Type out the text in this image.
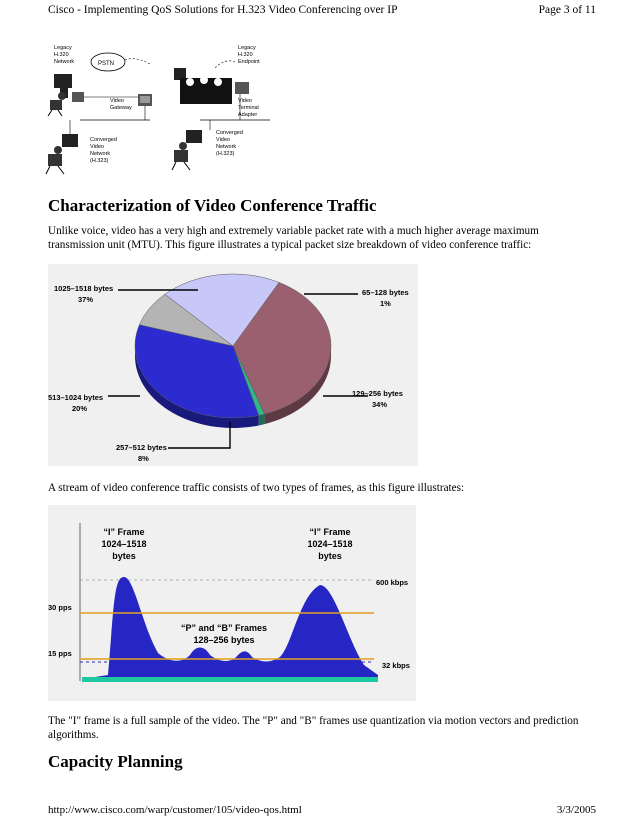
Cisco - Implementing QoS Solutions for H.323 Video Conferencing over IP	Page 3 of 11
Legacy
H.320
Network	PSTN
Video
Gateway
Converged
Video
Network
(H.323)
Legacy
H.320
Endpoint
Video
Terminal
Adapter
Converged
Video
Network
(H.323)
Characterization of Video Conference Traffic

Unlike voice, video has a very high and extremely variable packet rate with a much higher average maximum transmission unit (MTU). This figure illustrates a typical packet size breakdown of video conference traffic:

1025–1518 bytes
37%
65–128 bytes
1%
129–256 bytes
34%
513–1024 bytes
20%
257–512 bytes
8%

A stream of video conference traffic consists of two types of frames, as this figure illustrates:

“I” Frame
1024–1518
bytes
“I” Frame
1024–1518
bytes
“P” and “B” Frames
128–256 bytes
600 kbps
32 kbps
30 pps
15 pps

The "I" frame is a full sample of the video. The "P" and "B" frames use quantization via motion vectors and prediction algorithms.

Capacity Planning
http://www.cisco.com/warp/customer/105/video-qos.html	3/3/2005
